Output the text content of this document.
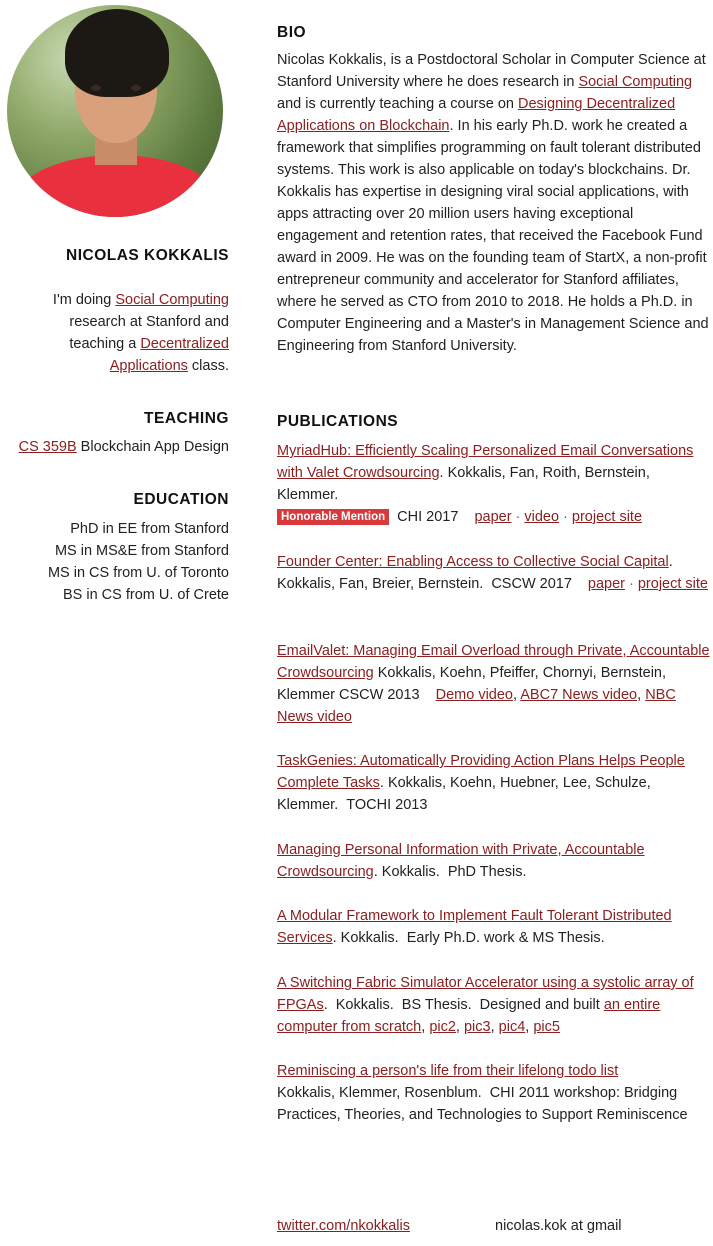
NICOLAS KOKKALIS
I'm doing Social Computing research at Stanford and teaching a Decentralized Applications class.
TEACHING
CS 359B Blockchain App Design
EDUCATION
PhD in EE from Stanford
MS in MS&E from Stanford
MS in CS from U. of Toronto
BS in CS from U. of Crete
BIO
Nicolas Kokkalis, is a Postdoctoral Scholar in Computer Science at Stanford University where he does research in Social Computing and is currently teaching a course on Designing Decentralized Applications on Blockchain. In his early Ph.D. work he created a framework that simplifies programming on fault tolerant distributed systems. This work is also applicable on today's blockchains. Dr. Kokkalis has expertise in designing viral social applications, with apps attracting over 20 million users having exceptional engagement and retention rates, that received the Facebook Fund award in 2009. He was on the founding team of StartX, a non-profit entrepreneur community and accelerator for Stanford affiliates, where he served as CTO from 2010 to 2018. He holds a Ph.D. in Computer Engineering and a Master's in Management Science and Engineering from Stanford University.
PUBLICATIONS
MyriadHub: Efficiently Scaling Personalized Email Conversations with Valet Crowdsourcing. Kokkalis, Fan, Roith, Bernstein, Klemmer.
Honorable Mention CHI 2017 paper · video · project site
Founder Center: Enabling Access to Collective Social Capital. Kokkalis, Fan, Breier, Bernstein. CSCW 2017 paper · project site
EmailValet: Managing Email Overload through Private, Accountable Crowdsourcing Kokkalis, Koehn, Pfeiffer, Chornyi, Bernstein, Klemmer CSCW 2013 Demo video, ABC7 News video, NBC News video
TaskGenies: Automatically Providing Action Plans Helps People Complete Tasks. Kokkalis, Koehn, Huebner, Lee, Schulze, Klemmer. TOCHI 2013
Managing Personal Information with Private, Accountable Crowdsourcing. Kokkalis. PhD Thesis.
A Modular Framework to Implement Fault Tolerant Distributed Services. Kokkalis. Early Ph.D. work & MS Thesis.
A Switching Fabric Simulator Accelerator using a systolic array of FPGAs. Kokkalis. BS Thesis. Designed and built an entire computer from scratch, pic2, pic3, pic4, pic5
Reminiscing a person's life from their lifelong todo list
Kokkalis, Klemmer, Rosenblum. CHI 2011 workshop: Bridging Practices, Theories, and Technologies to Support Reminiscence
twitter.com/nkokkalis	nicolas.kok at gmail
